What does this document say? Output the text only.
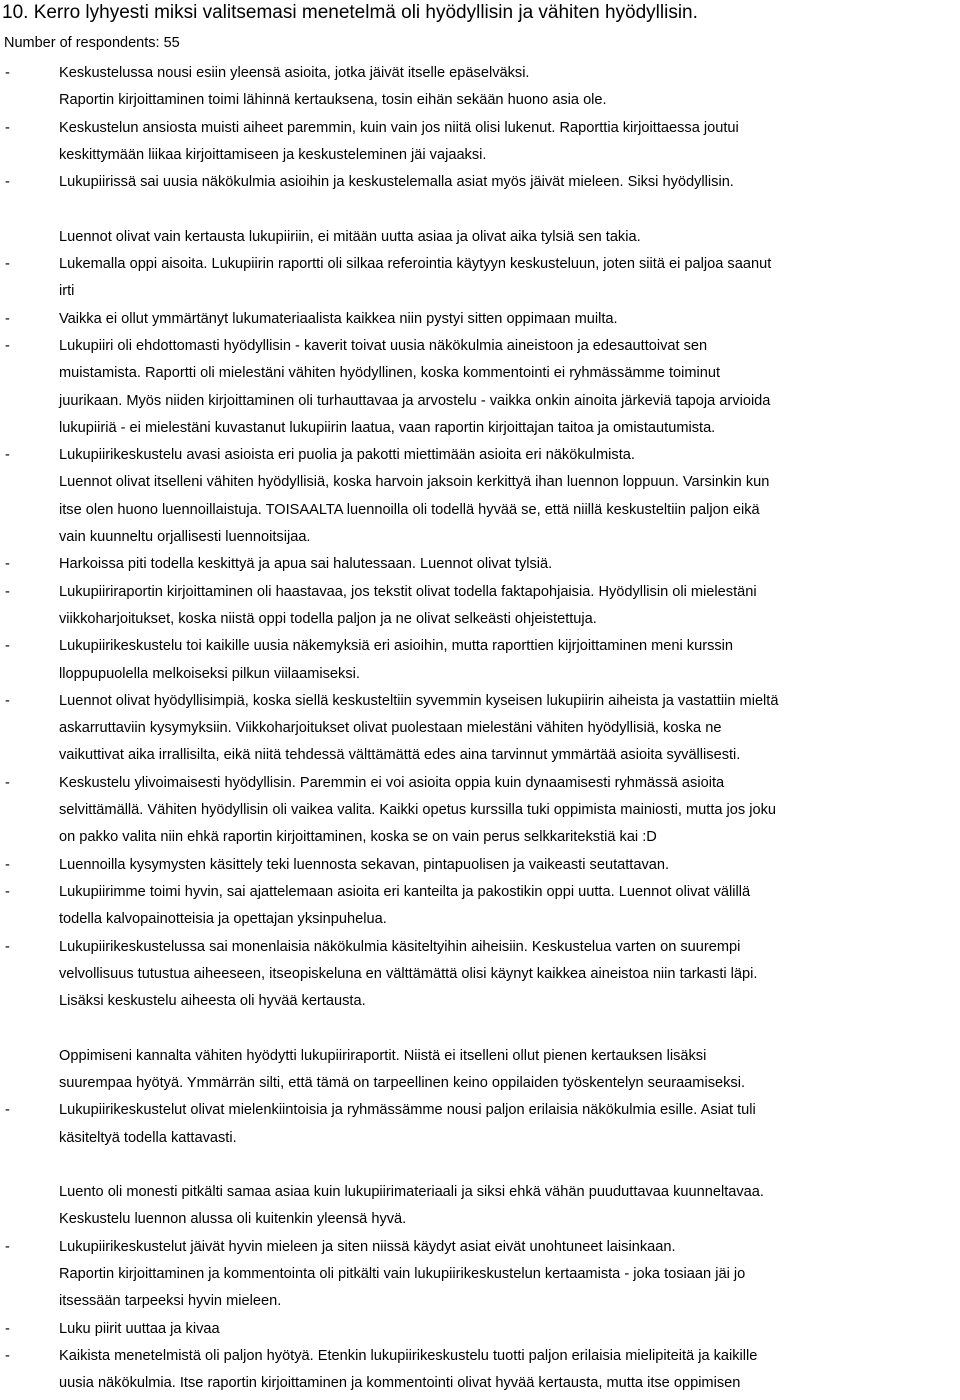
10. Kerro lyhyesti miksi valitsemasi menetelmä oli hyödyllisin ja vähiten hyödyllisin.
Number of respondents: 55
-	Keskustelussa nousi esiin yleensä asioita, jotka jäivät itselle epäselväksi.
Raportin kirjoittaminen toimi lähinnä kertauksena, tosin eihän sekään huono asia ole.
-	Keskustelun ansiosta muisti aiheet paremmin, kuin vain jos niitä olisi lukenut. Raporttia kirjoittaessa joutui
keskittymään liikaa kirjoittamiseen ja keskusteleminen jäi vajaaksi.
-	Lukupiirissä sai uusia näkökulmia asioihin ja keskustelemalla asiat myös jäivät mieleen. Siksi hyödyllisin.
Luennot olivat vain kertausta lukupiiriin, ei mitään uutta asiaa ja olivat aika tylsiä sen takia.
-	Lukemalla oppi aisoita. Lukupiirin raportti oli silkaa referointia käytyyn keskusteluun, joten siitä ei paljoa saanut
irti
-	Vaikka ei ollut ymmärtänyt lukumateriaalista kaikkea niin pystyi sitten oppimaan muilta.
-	Lukupiiri oli ehdottomasti hyödyllisin - kaverit toivat uusia näkökulmia aineistoon ja edesauttoivat sen
muistamista. Raportti oli mielestäni vähiten hyödyllinen, koska kommentointi ei ryhmässämme toiminut
juurikaan. Myös niiden kirjoittaminen oli turhauttavaa ja arvostelu - vaikka onkin ainoita järkeviä tapoja arvioida
lukupiiriä - ei mielestäni kuvastanut lukupiirin laatua, vaan raportin kirjoittajan taitoa ja omistautumista.
-	Lukupiirikeskustelu avasi asioista eri puolia ja pakotti miettimään asioita eri näkökulmista.
Luennot olivat itselleni vähiten hyödyllisiä, koska harvoin jaksoin kerkittyä ihan luennon loppuun. Varsinkin kun
itse olen huono luennoillaistuja. TOISAALTA luennoilla oli todellä hyvää se, että niillä keskusteltiin paljon eikä
vain kuunneltu orjallisesti luennoitsijaa.
-	Harkoissa piti todella keskittyä ja apua sai halutessaan. Luennot olivat tylsiä.
-	Lukupiiriraportin kirjoittaminen oli haastavaa, jos tekstit olivat todella faktapohjaisia. Hyödyllisin oli mielestäni
viikkoharjoitukset, koska niistä oppi todella paljon ja ne olivat selkeästi ohjeistettuja.
-	Lukupiirikeskustelu toi kaikille uusia näkemyksiä eri asioihin, mutta raporttien kijrjoittaminen meni kurssin
lloppupuolella melkoiseksi pilkun viilaamiseksi.
-	Luennot olivat hyödyllisimpiä, koska siellä keskusteltiin syvemmin kyseisen lukupiirin aiheista ja vastattiin mieltä
askarruttaviin kysymyksiin. Viikkoharjoitukset olivat puolestaan mielestäni vähiten hyödyllisiä, koska ne
vaikuttivat aika irrallisilta, eikä niitä tehdessä välttämättä edes aina tarvinnut ymmärtää asioita syvällisesti.
-	Keskustelu ylivoimaisesti hyödyllisin. Paremmin ei voi asioita oppia kuin dynaamisesti ryhmässä asioita
selvittämällä. Vähiten hyödyllisin oli vaikea valita. Kaikki opetus kurssilla tuki oppimista mainiosti, mutta jos joku
on pakko valita niin ehkä raportin kirjoittaminen, koska se on vain perus selkkaritekstiä kai :D
-	Luennoilla kysymysten käsittely teki luennosta sekavan, pintapuolisen ja vaikeasti seutattavan.
-	Lukupiirimme toimi hyvin, sai ajattelemaan asioita eri kanteilta ja pakostikin oppi uutta. Luennot olivat välillä
todella kalvopainotteisia ja opettajan yksinpuhelua.
-	Lukupiirikeskustelussa sai monenlaisia näkökulmia käsiteltyihin aiheisiin. Keskustelua varten on suurempi
velvollisuus tutustua aiheeseen, itseopiskeluna en välttämättä olisi käynyt kaikkea aineistoa niin tarkasti läpi.
Lisäksi keskustelu aiheesta oli hyvää kertausta.
Oppimiseni kannalta vähiten hyödytti lukupiiriraportit. Niistä ei itselleni ollut pienen kertauksen lisäksi
suurempaa hyötyä. Ymmärrän silti, että tämä on tarpeellinen keino oppilaiden työskentelyn seuraamiseksi.
-	Lukupiirikeskustelut olivat mielenkiintoisia ja ryhmässämme nousi paljon erilaisia näkökulmia esille. Asiat tuli
käsiteltyä todella kattavasti.
Luento oli monesti pitkälti samaa asiaa kuin lukupiirimateriaali ja siksi ehkä vähän puuduttavaa kuunneltavaa.
Keskustelu luennon alussa oli kuitenkin yleensä hyvä.
-	Lukupiirikeskustelut jäivät hyvin mieleen ja siten niissä käydyt asiat eivät unohtuneet laisinkaan.
Raportin kirjoittaminen ja kommentointa oli pitkälti vain lukupiirikeskustelun kertaamista - joka tosiaan jäi jo
itsessään tarpeeksi hyvin mieleen.
-	Luku piirit uuttaa ja kivaa
-	Kaikista menetelmistä oli paljon hyötyä. Etenkin lukupiirikeskustelu tuotti paljon erilaisia mielipiteitä ja kaikille
uusia näkökulmia. Itse raportin kirjoittaminen ja kommentointi olivat hyvää kertausta, mutta itse oppimisen
